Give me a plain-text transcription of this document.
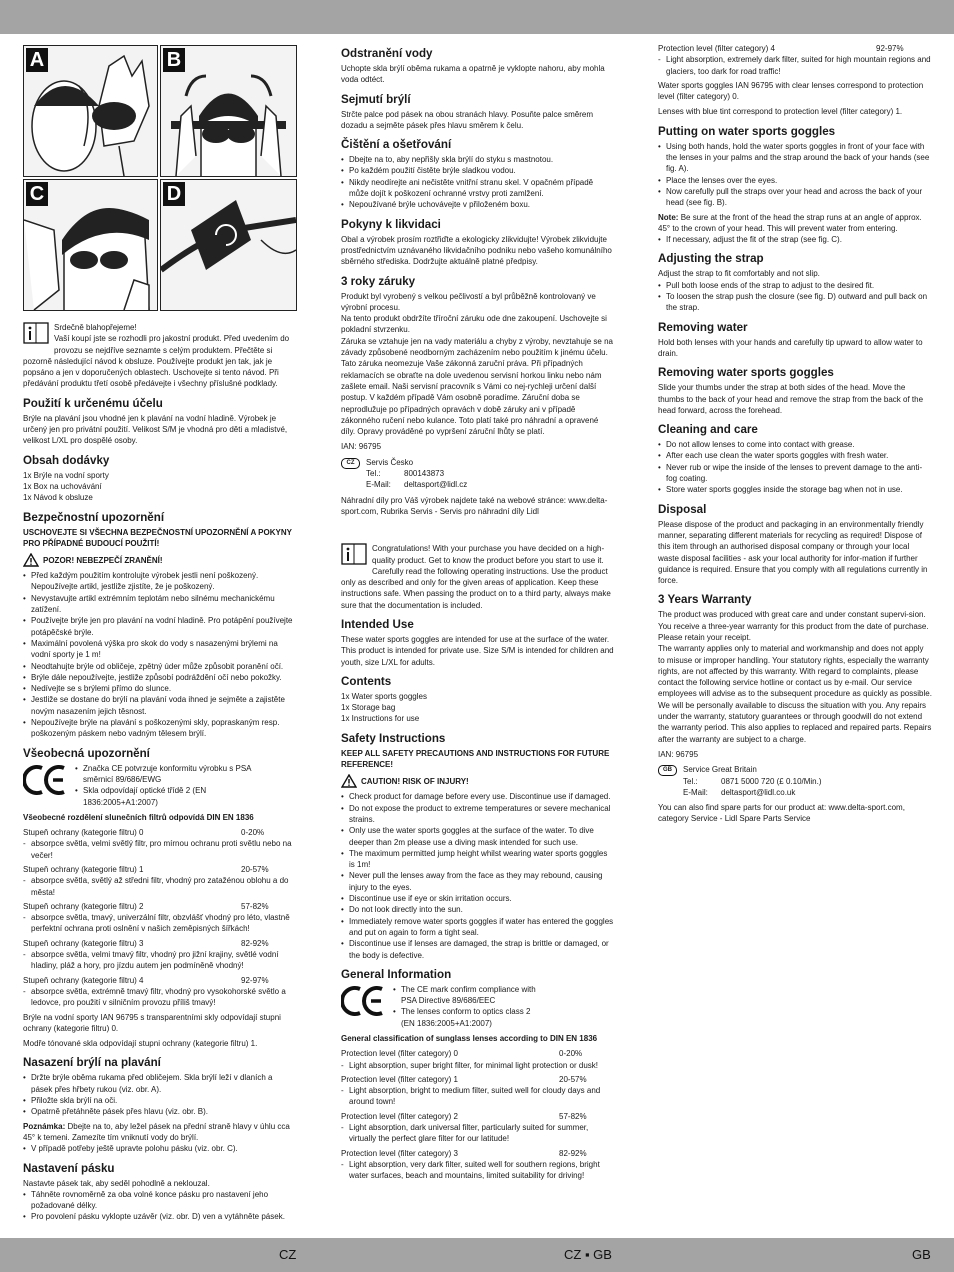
A	B
C	D
Srdečně blahopřejeme!
Vaší koupí jste se rozhodli pro jakostní produkt. Před uvedením do provozu se nejdříve seznamte s celým produktem. Přečtěte si pozorně následující návod k obsluze. Používejte produkt jen tak, jak je popsáno a jen v doporučených oblastech. Uschovejte si tento návod. Při předávání produktu třetí osobě předávejte i všechny příslušné podklady.
Použití k určenému účelu

Brýle na plavání jsou vhodné jen k plavání na vodní hladině. Výrobek je určený jen pro privátní použití. Velikost S/M je vhodná pro děti a mladistvé, velikost L/XL pro dospělé osoby.

Obsah dodávky
1x Brýle na vodní sporty
1x Box na uchovávání
1x Návod k obsluze
Bezpečnostní upozornění
USCHOVEJTE SI VŠECHNA BEZPEČNOSTNÍ UPOZORNĚNÍ A POKYNY PRO PŘÍPADNÉ BUDOUCÍ POUŽITÍ!
POZOR! NEBEZPEČÍ ZRANĚNÍ!
• Před každým použitím kontrolujte výrobek jestli není poškozený. Nepoužívejte artikl, jestliže zjistíte, že je poškozený.
• Nevystavujte artikl extrémním teplotám nebo silnému mechanickému zatížení.
• Používejte brýle jen pro plavání na vodní hladině. Pro potápění používejte potápěčské brýle.
• Maximální povolená výška pro skok do vody s nasazenými brýlemi na vodní sporty je 1 m!
• Neodtahujte brýle od obličeje, zpětný úder může způsobit poranění očí.
• Brýle dále nepoužívejte, jestliže způsobí podráždění očí nebo pokožky.
• Nedívejte se s brýlemi přímo do slunce.
• Jestliže se dostane do brýlí na plavání voda ihned je sejměte a zajistěte novým nasazením jejich těsnost.
• Nepoužívejte brýle na plavání s poškozenými skly, popraskaným resp. poškozeným páskem nebo vadným tělesem brýlí.
Všeobecná upozornění
• Značka CE potvrzuje konformitu výrobku s PSA směrnicí 89/686/EWG
• Skla odpovídají optické třídě 2 (EN 1836:2005+A1:2007)
Všeobecné rozdělení slunečních filtrů odpovídá DIN EN 1836
Stupeň ochrany (kategorie filtru) 0	0-20%
- absorpce světla, velmi světlý filtr, pro mírnou ochranu proti světlu nebo na večer!
Stupeň ochrany (kategorie filtru) 1	20-57%
- absorpce světla, světlý až středni filtr, vhodný pro zatažénou oblohu a do města!
Stupeň ochrany (kategorie filtru) 2	57-82%
- absorpce světla, tmavý, univerzální filtr, obzvlášť vhodný pro léto, vlastně perfektní ochrana proti oslnění v našich zeměpisných šířkách!
Stupeň ochrany (kategorie filtru) 3	82-92%
- absorpce světla, velmi tmavý filtr, vhodný pro jižní krajiny, světlé vodní hladiny, pláž a hory, pro jízdu autem jen podmíněně vhodný!
Stupeň ochrany (kategorie filtru) 4	92-97%
- absorpce světla, extrémně tmavý filtr, vhodný pro vysokohorské světlo a ledovce, pro použití v silničním provozu příliš tmavý!

Brýle na vodní sporty IAN 96795 s transparentními skly odpovídají stupni ochrany (kategorie filtru) 0.

Modře tónované skla odpovídají stupni ochrany (kategorie filtru) 1.

Nasazení brýlí na plavání
• Držte brýle oběma rukama před obličejem. Skla brýlí leží v dlaních a pásek přes hřbety rukou (viz. obr. A).
• Přiložte skla brýlí na oči.
• Opatrně přetáhněte pásek přes hlavu (viz. obr. B).
Poznámka: Dbejte na to, aby ležel pásek na přední straně hlavy v úhlu cca 45° k temeni. Zamezíte tím vniknutí vody do brýlí.
• V případě potřeby ještě upravte polohu pásku (viz. obr. C).
Nastavení pásku
Nastavte pásek tak, aby seděl pohodlně a neklouzal.
• Táhněte rovnoměrně za oba volné konce pásku pro nastavení jeho požadované délky.
• Pro povolení pásku vyklopte uzávěr (viz. obr. D) ven a vytáhněte pásek.
Odstranění vody

Uchopte skla brýlí oběma rukama a opatrně je vyklopte nahoru, aby mohla voda odtéct.

Sejmutí brýlí

Strčte palce pod pásek na obou stranách hlavy. Posuňte palce směrem dozadu a sejměte pásek přes hlavu směrem k čelu.

Čištění a ošetřování
• Dbejte na to, aby nepřišly skla brýlí do styku s mastnotou.
• Po každém použití čistěte brýle sladkou vodou.
• Nikdy neodírejte ani nečistěte vnitřní stranu skel. V opačném případě může dojít k poškození ochranné vrstvy proti zamlžení.
• Nepoužívané brýle uchovávejte v přiloženém boxu.
Pokyny k likvidaci

Obal a výrobek prosím roztřiďte a ekologicky zlikvidujte! Výrobek zlikvidujte prostřednictvím uznávaného likvidačního podniku nebo vašeho komunálního sběrného střediska. Dodržujte aktuálně platné předpisy.

3 roky záruky
Produkt byl vyrobený s velkou pečlivostí a byl průběžně kontrolovaný ve výrobní procesu.
Na tento produkt obdržíte tříroční záruku ode dne zakoupení. Uschovejte si pokladní stvrzenku.

Záruka se vztahuje jen na vady materiálu a chyby z výroby, nevztahuje se na závady způsobené neodborným zacházením nebo použitím k jinému účelu. Tato záruka neomezuje Vaše zákonná zaruční práva. Při případných reklamacích se obraťte na dole uvedenou servisní horkou linku nebo nám zašlete email. Naši servisní pracovník s Vámi co nej-rychleji určení další postup. V každém případě Vám osobně poradíme. Záruční doba se neprodlužuje po případných opravách v době záruky ani v případě zákonného ručení nebo kulance. Toto platí také pro náhradní a opravené díly. Opravy prováděné po vypršení záruční lhůty se platí.

IAN: 96795

CZ	Servis Česko
Tel.:	800143873
E-Mail:	deltasport@lidl.cz

Náhradní díly pro Váš výrobek najdete také na webové stránce: www.delta-sport.com, Rubrika Servis - Servis pro náhradní díly Lidl

Congratulations! With your purchase you have decided on a high-quality product. Get to know the product before you start to use it. Carefully read the following operating instructions. Use the product only as described and only for the given areas of application. Keep these instructions safe. When passing the product on to a third party, always make sure that the documentation is included.
Intended Use

These water sports goggles are intended for use at the surface of the water. This product is intended for private use. Size S/M is intended for children and youth, size L/XL for adults.

Contents
1x Water sports goggles
1x Storage bag
1x Instructions for use
Safety Instructions
KEEP ALL SAFETY PRECAUTIONS AND INSTRUCTIONS FOR FUTURE REFERENCE!
CAUTION! RISK OF INJURY!
• Check product for damage before every use. Discontinue use if damaged.
• Do not expose the product to extreme temperatures or severe mechanical strains.
• Only use the water sports goggles at the surface of the water. To dive deeper than 2m please use a diving mask intended for such use.
• The maximum permitted jump height whilst wearing water sports goggles is 1m!
• Never pull the lenses away from the face as they may rebound, causing injury to the eyes.
• Discontinue use if eye or skin irritation occurs.
• Do not look directly into the sun.
• Immediately remove water sports goggles if water has entered the goggles and put on again to form a tight seal.
• Discontinue use if lenses are damaged, the strap is brittle or damaged, or the body is defective.
General Information
• The CE mark confirm compliance with PSA Directive 89/686/EEC
• The lenses conform to optics class 2 (EN 1836:2005+A1:2007)
General classification of sunglass lenses according to DIN EN 1836
Protection level (filter category) 0	0-20%
- Light absorption, super bright filter, for minimal light protection or dusk!
Protection level (filter category) 1	20-57%
- Light absorption, bright to medium filter, suited well for cloudy days and around town!
Protection level (filter category) 2	57-82%
- Light absorption, dark universal filter, particularly suited for summer, virtually the perfect glare filter for our latitude!
Protection level (filter category) 3	82-92%
- Light absorption, very dark filter, suited well for southern regions, bright water surfaces, beach and mountains, limited suitability for driving!
Protection level (filter category) 4	92-97%
- Light absorption, extremely dark filter, suited for high mountain regions and glaciers, too dark for road traffic!

Water sports goggles IAN 96795 with clear lenses correspond to protection level (filter category) 0.

Lenses with blue tint correspond to protection level (filter category) 1.

Putting on water sports goggles
• Using both hands, hold the water sports goggles in front of your face with the lenses in your palms and the strap around the back of your hands (see fig. A).
• Place the lenses over the eyes.
• Now carefully pull the straps over your head and across the back of your head (see fig. B).
Note: Be sure at the front of the head the strap runs at an angle of approx. 45° to the crown of your head. This will prevent water from entering.
• If necessary, adjust the fit of the strap (see fig. C).
Adjusting the strap
Adjust the strap to fit comfortably and not slip.
• Pull both loose ends of the strap to adjust to the desired fit.
• To loosen the strap push the closure (see fig. D) outward and pull back on the strap.
Removing water

Hold both lenses with your hands and carefully tip upward to allow water to drain.

Removing water sports goggles

Slide your thumbs under the strap at both sides of the head. Move the thumbs to the back of your head and remove the strap from the back of the head forward, across the forehead.

Cleaning and care
• Do not allow lenses to come into contact with grease.
• After each use clean the water sports goggles with fresh water.
• Never rub or wipe the inside of the lenses to prevent damage to the anti-fog coating.
• Store water sports goggles inside the storage bag when not in use.
Disposal

Please dispose of the product and packaging in an environmentally friendly manner, separating different materials for recycling as required! Dispose of this item through an authorised disposal company or through your local waste disposal facilities - ask your local authority for infor-mation if further guidance is required. Ensure that you comply with all regulations currently in force.

3 Years Warranty
The product was produced with great care and under constant supervi-sion. You receive a three-year warranty for this product from the date of purchase. Please retain your receipt.

The warranty applies only to material and workmanship and does not apply to misuse or improper handling. Your statutory rights, especially the warranty rights, are not affected by this warranty. With regard to complaints, please contact the following service hotline or contact us by e-mail. Our service employees will advise as to the subsequent procedure as quickly as possible. We will be personally available to discuss the situation with you. Any repairs under the warranty, statutory guarantees or through goodwill do not extend the warranty period. This also applies to replaced and repaired parts. Repairs after the warranty are subject to a charge.

IAN: 96795

GB	Service Great Britain
Tel.:	0871 5000 720 (£ 0.10/Min.)
E-Mail:	deltasport@lidl.co.uk

You can also find spare parts for our product at: www.delta-sport.com, category Service - Lidl Spare Parts Service

CZ	CZ ▪ GB	GB
